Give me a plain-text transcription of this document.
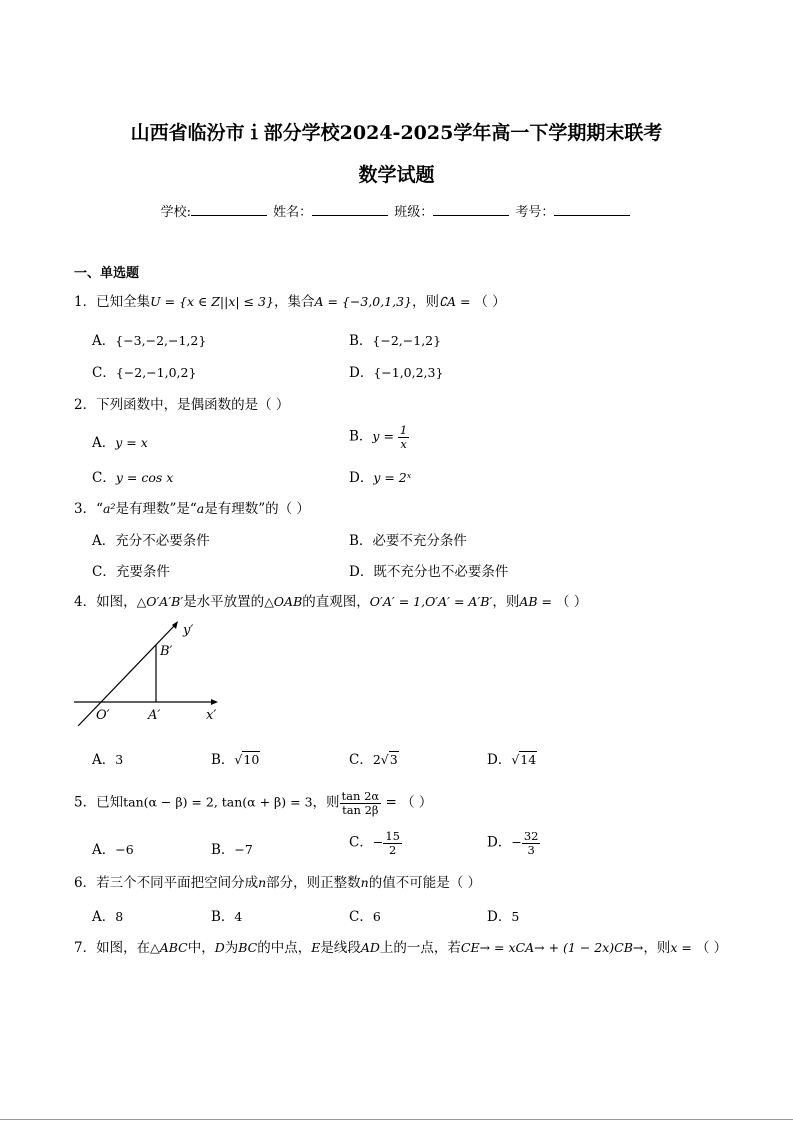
山西省临汾市ｉ部分学校2024-2025学年高一下学期期末联考
数学试题
学校:	姓名：	班级：	考号：
一、单选题
1．已知全集U = {x ∈ Z||x| ≤ 3}，集合A = {−3,0,1,3}，则∁A = （ ）
A．{−3,−2,−1,2}	B．{−2,−1,2}
C．{−2,−1,0,2}	D．{−1,0,2,3}
2．下列函数中，是偶函数的是（ ）
A．y = x	B．$y = \frac{1}{x}$
C．y = cos x	D．y = 2ˣ
3．“a²是有理数”是“a是有理数”的（ ）
A．充分不必要条件	B．必要不充分条件
C．充要条件	D．既不充分也不必要条件
4．如图，△O′A′B′是水平放置的△OAB的直观图，O′A′ = 1,O′A′ = A′B′，则AB = （ ）
y′
B′
O′	A′	x′
A．3	B．√10	C．2√3	D．√14
5．已知tan(α − β) = 2, tan(α + β) = 3，则 $\frac{\tan 2\alpha}{\tan 2\beta}$ = （ ）
A．−6	B．−7	C．− $\frac{15}{2}$	D．− $\frac{32}{3}$
6．若三个不同平面把空间分成n部分，则正整数n的值不可能是（ ）
A．8	B．4	C．6	D．5
7．如图，在△ABC中，D为BC的中点，E是线段AD上的一点，若CE→ = xCA→ + (1 − 2x)CB→，则x = （ ）
